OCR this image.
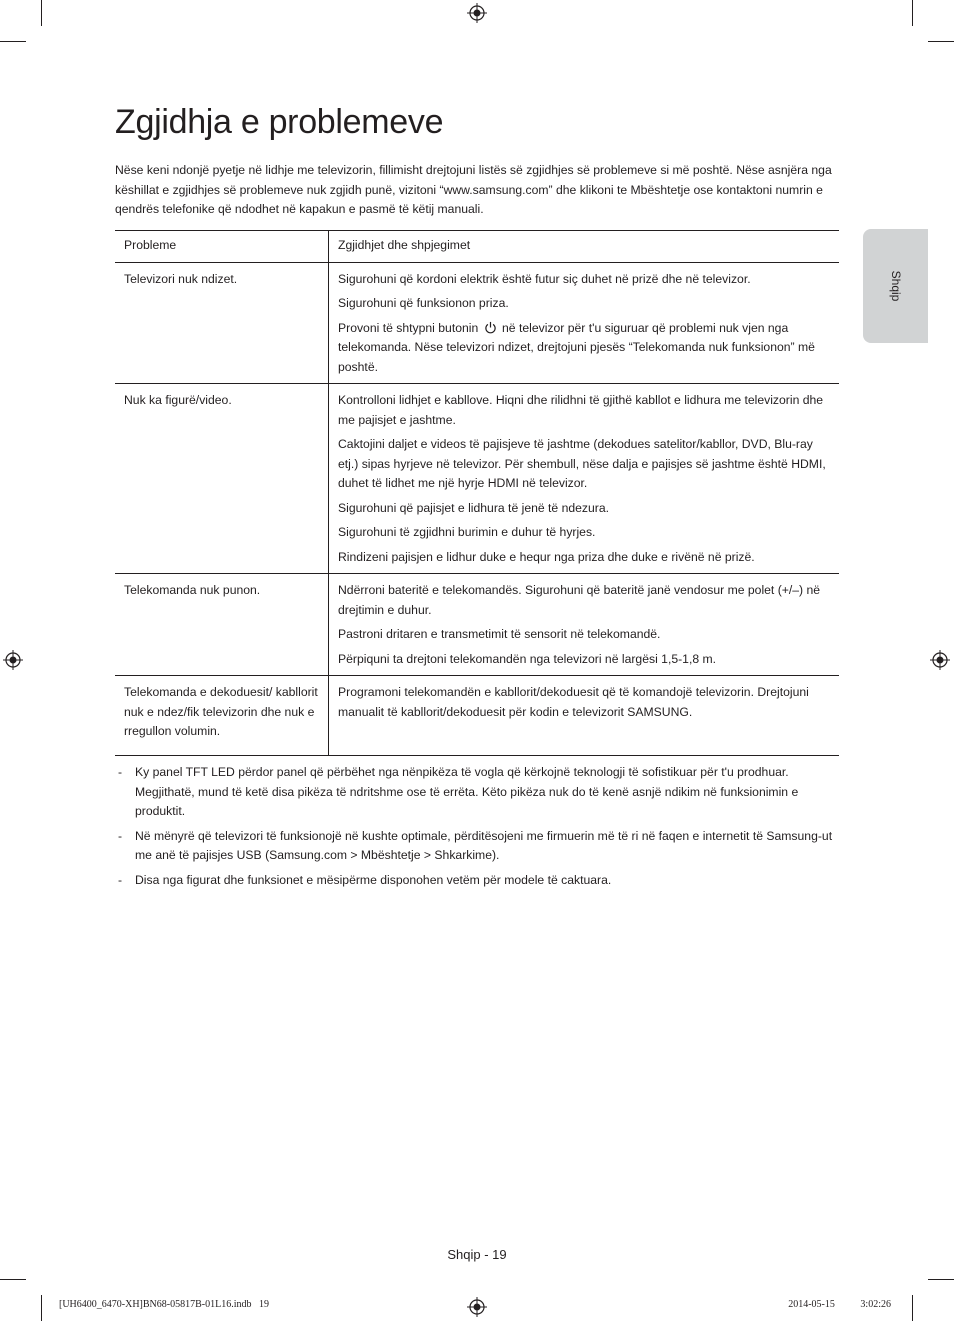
Shqip
Zgjidhja e problemeve

Nëse keni ndonjë pyetje në lidhje me televizorin, fillimisht drejtojuni listës së zgjidhjes së problemeve si më poshtë. Nëse asnjëra nga këshillat e zgjidhjes së problemeve nuk zgjidh punë, vizitoni “www.samsung.com” dhe klikoni te Mbështetje ose kontaktoni numrin e qendrës telefonike që ndodhet në kapakun e pasmë të këtij manuali.

Probleme	Zgjidhjet dhe shpjegimet
Televizori nuk ndizet.	Sigurohuni që kordoni elektrik është futur siç duhet në prizë dhe në televizor.

Sigurohuni që funksionon priza.

Provoni të shtypni butonin në televizor për t'u siguruar që problemi nuk vjen nga telekomanda. Nëse televizori ndizet, drejtojuni pjesës “Telekomanda nuk funksionon” më poshtë.

Nuk ka figurë/video.	Kontrolloni lidhjet e kabllove. Hiqni dhe rilidhni të gjithë kabllot e lidhura me televizorin dhe me pajisjet e jashtme.

Caktojini daljet e videos të pajisjeve të jashtme (dekodues satelitor/kabllor, DVD, Blu-ray etj.) sipas hyrjeve në televizor. Për shembull, nëse dalja e pajisjes së jashtme është HDMI, duhet të lidhet me një hyrje HDMI në televizor.

Sigurohuni që pajisjet e lidhura të jenë të ndezura.

Sigurohuni të zgjidhni burimin e duhur të hyrjes.

Rindizeni pajisjen e lidhur duke e hequr nga priza dhe duke e rivënë në prizë.

Telekomanda nuk punon.	Ndërroni bateritë e telekomandës. Sigurohuni që bateritë janë vendosur me polet (+/–) në drejtimin e duhur.

Pastroni dritaren e transmetimit të sensorit në telekomandë.

Përpiquni ta drejtoni telekomandën nga televizori në largësi 1,5-1,8 m.

Telekomanda e dekoduesit/ kabllorit nuk e ndez/fik televizorin dhe nuk e rregullon volumin.	Programoni telekomandën e kabllorit/dekoduesit që të komandojë televizorin. Drejtojuni manualit të kabllorit/dekoduesit për kodin e televizorit SAMSUNG.

- Ky panel TFT LED përdor panel që përbëhet nga nënpikëza të vogla që kërkojnë teknologji të sofistikuar për t'u prodhuar. Megjithatë, mund të ketë disa pikëza të ndritshme ose të errëta. Këto pikëza nuk do të kenë asnjë ndikim në funksionimin e produktit.
- Në mënyrë që televizori të funksionojë në kushte optimale, përditësojeni me firmuerin më të ri në faqen e internetit të Samsung-ut me anë të pajisjes USB (Samsung.com > Mbështetje > Shkarkime).
- Disa nga figurat dhe funksionet e mësipërme disponohen vetëm për modele të caktuara.
Shqip - 19
[UH6400_6470-XH]BN68-05817B-01L16.indb   19	2014-05-15   ￿￿ 3:02:26
